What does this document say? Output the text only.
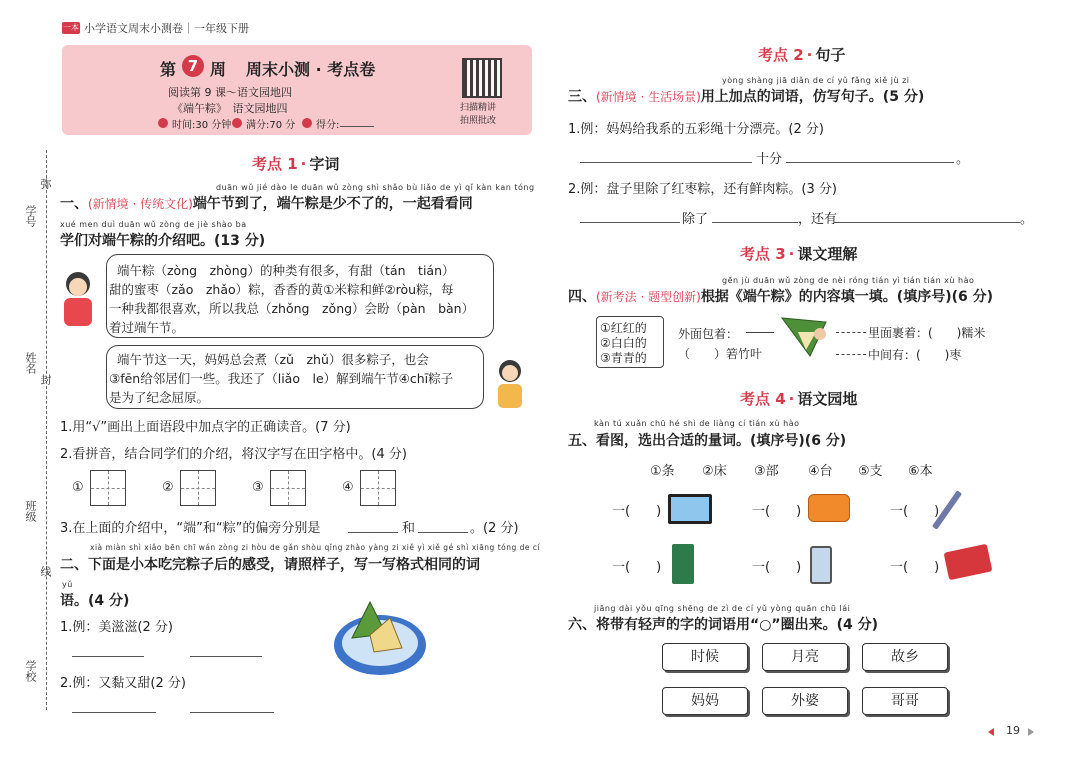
一本 小学语文周末小测卷｜一年级下册
第 7 周 周末小测 · 考点卷
阅读第 9 课～语文园地四
《端午粽》　语文园地四
时间:30 分钟 满分:70 分 得分:
扫描精讲
拍照批改
弥
学号
姓名
封
班级
线
学校
考点 1 · 字词
duān wǔ jié dào le duān wǔ zòng shì shǎo bù liǎo de yì qǐ kàn kan tóng
一、(新情境 · 传统文化)端午节到了，端午粽是少不了的，一起看看同
xué men duì duān wǔ zòng de jiè shào ba
学们对端午粽的介绍吧。(13 分)
端午粽（zòng　zhòng）的种类有很多，有甜（tán　tián）
甜的蜜枣（zǎo　zhǎo）粽，香香的黄①米粽和鲜②ròu粽，每
一种我都很喜欢，所以我总（zhǒng　zǒng）会盼（pàn　bàn）
着过端午节。
端午节这一天，妈妈总会煮（zǔ　zhǔ）很多粽子，也会
③fēn给邻居们一些。我还了（liǎo　le）解到端午节④chī粽子
是为了纪念屈原。
1.用“√”画出上面语段中加点字的正确读音。(7 分)
2.看拼音，结合同学们的介绍，将汉字写在田字格中。(4 分)
①	②	③	④
3.在上面的介绍中，“端”和“粽”的偏旁分别是	和	。(2 分)
xià miàn shì xiǎo bēn chī wán zòng zi hòu de gǎn shòu qǐng zhào yàng zi xiě yì xiě gé shì xiāng tóng de cí
二、下面是小本吃完粽子后的感受，请照样子，写一写格式相同的词
yǔ
语。(4 分)
1.例：美滋滋(2 分)
2.例：又黏又甜(2 分)
考点 2 · 句子
yòng shàng jiā diǎn de cí yǔ fǎng xiě jù zi
三、(新情境 · 生活场景)用上加点的词语，仿写句子。(5 分)
1.例：妈妈给我系的五彩绳十分漂亮。(2 分)
十分	。
2.例：盘子里除了红枣粽，还有鲜肉粽。(3 分)
除了	，还有	。
考点 3 · 课文理解
gēn jù duān wǔ zòng de nèi róng tián yì tián tián xù hào
四、(新考法 · 题型创新)根据《端午粽》的内容填一填。(填序号)(6 分)
①红红的
②白白的
③青青的
外面包着：
（　　）箬竹叶
里面裹着：(　　)糯米
中间有：(　　)枣
考点 4 · 语文园地
kàn tú xuǎn chū hé shì de liàng cí tián xù hào
五、看图，选出合适的量词。(填序号)(6 分)
①条 ②床 ③部 ④台 ⑤支 ⑥本
一(　　)	一(　　)	一(　　)
一(　　)	一(　　)	一(　　)
jiāng dài yǒu qīng shēng de zì de cí yǔ yòng quān chū lái
六、将带有轻声的字的词语用“○”圈出来。(4 分)
时候	月亮	故乡
妈妈	外婆	哥哥
19
